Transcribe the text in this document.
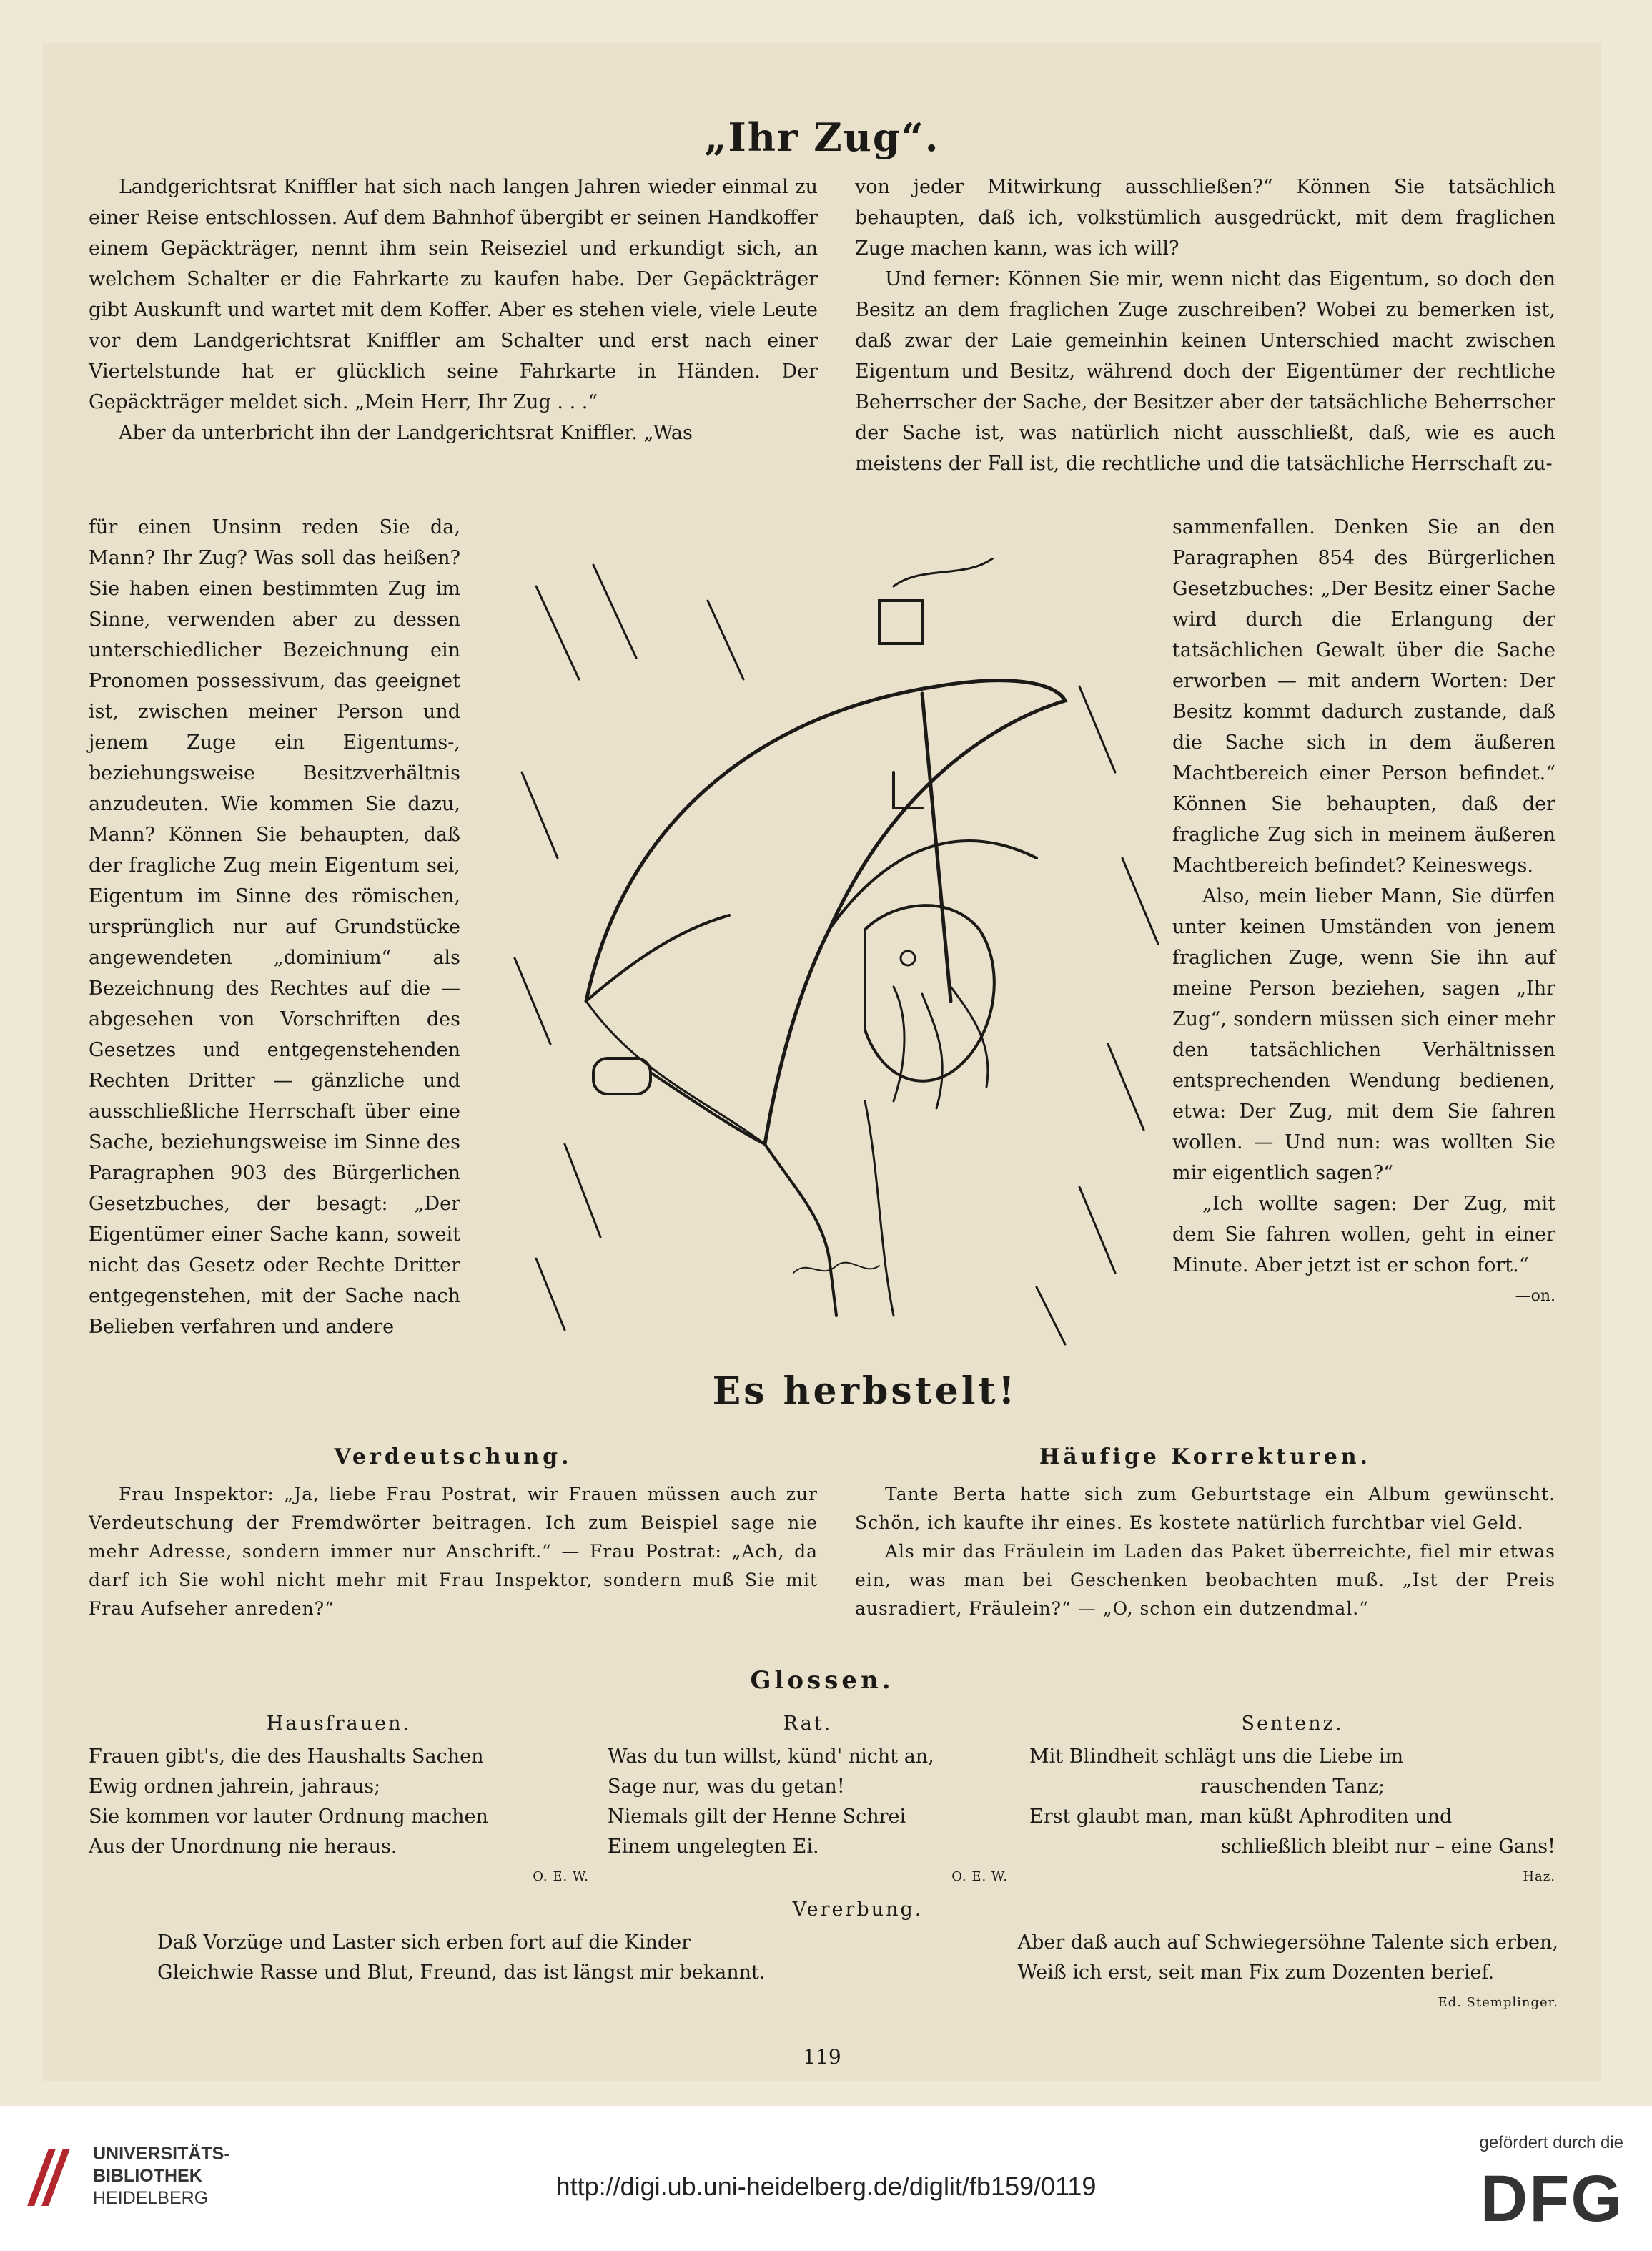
„Ihr Zug“.

Landgerichtsrat Kniffler hat sich nach langen Jahren wieder einmal zu einer Reise entschlossen. Auf dem Bahnhof übergibt er seinen Handkoffer einem Gepäckträger, nennt ihm sein Reiseziel und erkundigt sich, an welchem Schalter er die Fahrkarte zu kaufen habe. Der Gepäckträger gibt Auskunft und wartet mit dem Koffer. Aber es stehen viele, viele Leute vor dem Landgerichtsrat Kniffler am Schalter und erst nach einer Viertelstunde hat er glücklich seine Fahrkarte in Händen. Der Gepäckträger meldet sich. „Mein Herr, Ihr Zug . . .“

Aber da unterbricht ihn der Landgerichtsrat Kniffler. „Was

für einen Unsinn reden Sie da, Mann? Ihr Zug? Was soll das heißen? Sie haben einen bestimmten Zug im Sinne, verwenden aber zu dessen unterschiedlicher Bezeichnung ein Pronomen possessivum, das geeignet ist, zwischen meiner Person und jenem Zuge ein Eigentums-, beziehungsweise Besitzverhältnis anzudeuten. Wie kommen Sie dazu, Mann? Können Sie behaupten, daß der fragliche Zug mein Eigentum sei, Eigentum im Sinne des römischen, ursprünglich nur auf Grundstücke angewendeten „dominium“ als Bezeichnung des Rechtes auf die — abgesehen von Vorschriften des Gesetzes und entgegenstehenden Rechten Dritter — gänzliche und ausschließliche Herrschaft über eine Sache, beziehungsweise im Sinne des Paragraphen 903 des Bürgerlichen Gesetzbuches, der besagt: „Der Eigentümer einer Sache kann, soweit nicht das Gesetz oder Rechte Dritter entgegenstehen, mit der Sache nach Belieben verfahren und andere

von jeder Mitwirkung ausschließen?“ Können Sie tatsächlich behaupten, daß ich, volkstümlich ausgedrückt, mit dem fraglichen Zuge machen kann, was ich will?

Und ferner: Können Sie mir, wenn nicht das Eigentum, so doch den Besitz an dem fraglichen Zuge zuschreiben? Wobei zu bemerken ist, daß zwar der Laie gemeinhin keinen Unterschied macht zwischen Eigentum und Besitz, während doch der Eigentümer der rechtliche Beherrscher der Sache, der Besitzer aber der tatsächliche Beherrscher der Sache ist, was natürlich nicht ausschließt, daß, wie es auch meistens der Fall ist, die rechtliche und die tatsächliche Herrschaft zu-

sammenfallen. Denken Sie an den Paragraphen 854 des Bürgerlichen Gesetzbuches: „Der Besitz einer Sache wird durch die Erlangung der tatsächlichen Gewalt über die Sache erworben — mit andern Worten: Der Besitz kommt dadurch zustande, daß die Sache sich in dem äußeren Machtbereich einer Person befindet.“ Können Sie behaupten, daß der fragliche Zug sich in meinem äußeren Machtbereich befindet? Keineswegs.

Also, mein lieber Mann, Sie dürfen unter keinen Umständen von jenem fraglichen Zuge, wenn Sie ihn auf meine Person beziehen, sagen „Ihr Zug“, sondern müssen sich einer mehr den tatsächlichen Verhältnissen entsprechenden Wendung bedienen, etwa: Der Zug, mit dem Sie fahren wollen. — Und nun: was wollten Sie mir eigentlich sagen?“

„Ich wollte sagen: Der Zug, mit dem Sie fahren wollen, geht in einer Minute. Aber jetzt ist er schon fort.“

—on.
Es herbstelt!
Verdeutschung.

Frau Inspektor: „Ja, liebe Frau Postrat, wir Frauen müssen auch zur Verdeutschung der Fremdwörter beitragen. Ich zum Beispiel sage nie mehr Adresse, sondern immer nur Anschrift.“ — Frau Postrat: „Ach, da darf ich Sie wohl nicht mehr mit Frau Inspektor, sondern muß Sie mit Frau Aufseher anreden?“

Häufige Korrekturen.

Tante Berta hatte sich zum Geburtstage ein Album gewünscht. Schön, ich kaufte ihr eines. Es kostete natürlich furchtbar viel Geld.

Als mir das Fräulein im Laden das Paket überreichte, fiel mir etwas ein, was man bei Geschenken beobachten muß. „Ist der Preis ausradiert, Fräulein?“ — „O, schon ein dutzendmal.“

Glossen.
Hausfrauen.
Frauen gibt's, die des Haushalts Sachen
Ewig ordnen jahrein, jahraus;
Sie kommen vor lauter Ordnung machen
Aus der Unordnung nie heraus.
O. E. W.
Rat.
Was du tun willst, künd' nicht an,
Sage nur, was du getan!
Niemals gilt der Henne Schrei
Einem ungelegten Ei.
O. E. W.
Sentenz.
Mit Blindheit schlägt uns die Liebe im
rauschenden Tanz;
Erst glaubt man, man küßt Aphroditen und
schließlich bleibt nur – eine Gans!
Haz.
Vererbung.
Daß Vorzüge und Laster sich erben fort auf die Kinder
Gleichwie Rasse und Blut, Freund, das ist längst mir bekannt.
Aber daß auch auf Schwiegersöhne Talente sich erben,
Weiß ich erst, seit man Fix zum Dozenten berief.
Ed. Stemplinger.
119
UNIVERSITÄTS-
BIBLIOTHEK
HEIDELBERG	http://digi.ub.uni-heidelberg.de/diglit/fb159/0119
gefördert durch die
DFG
